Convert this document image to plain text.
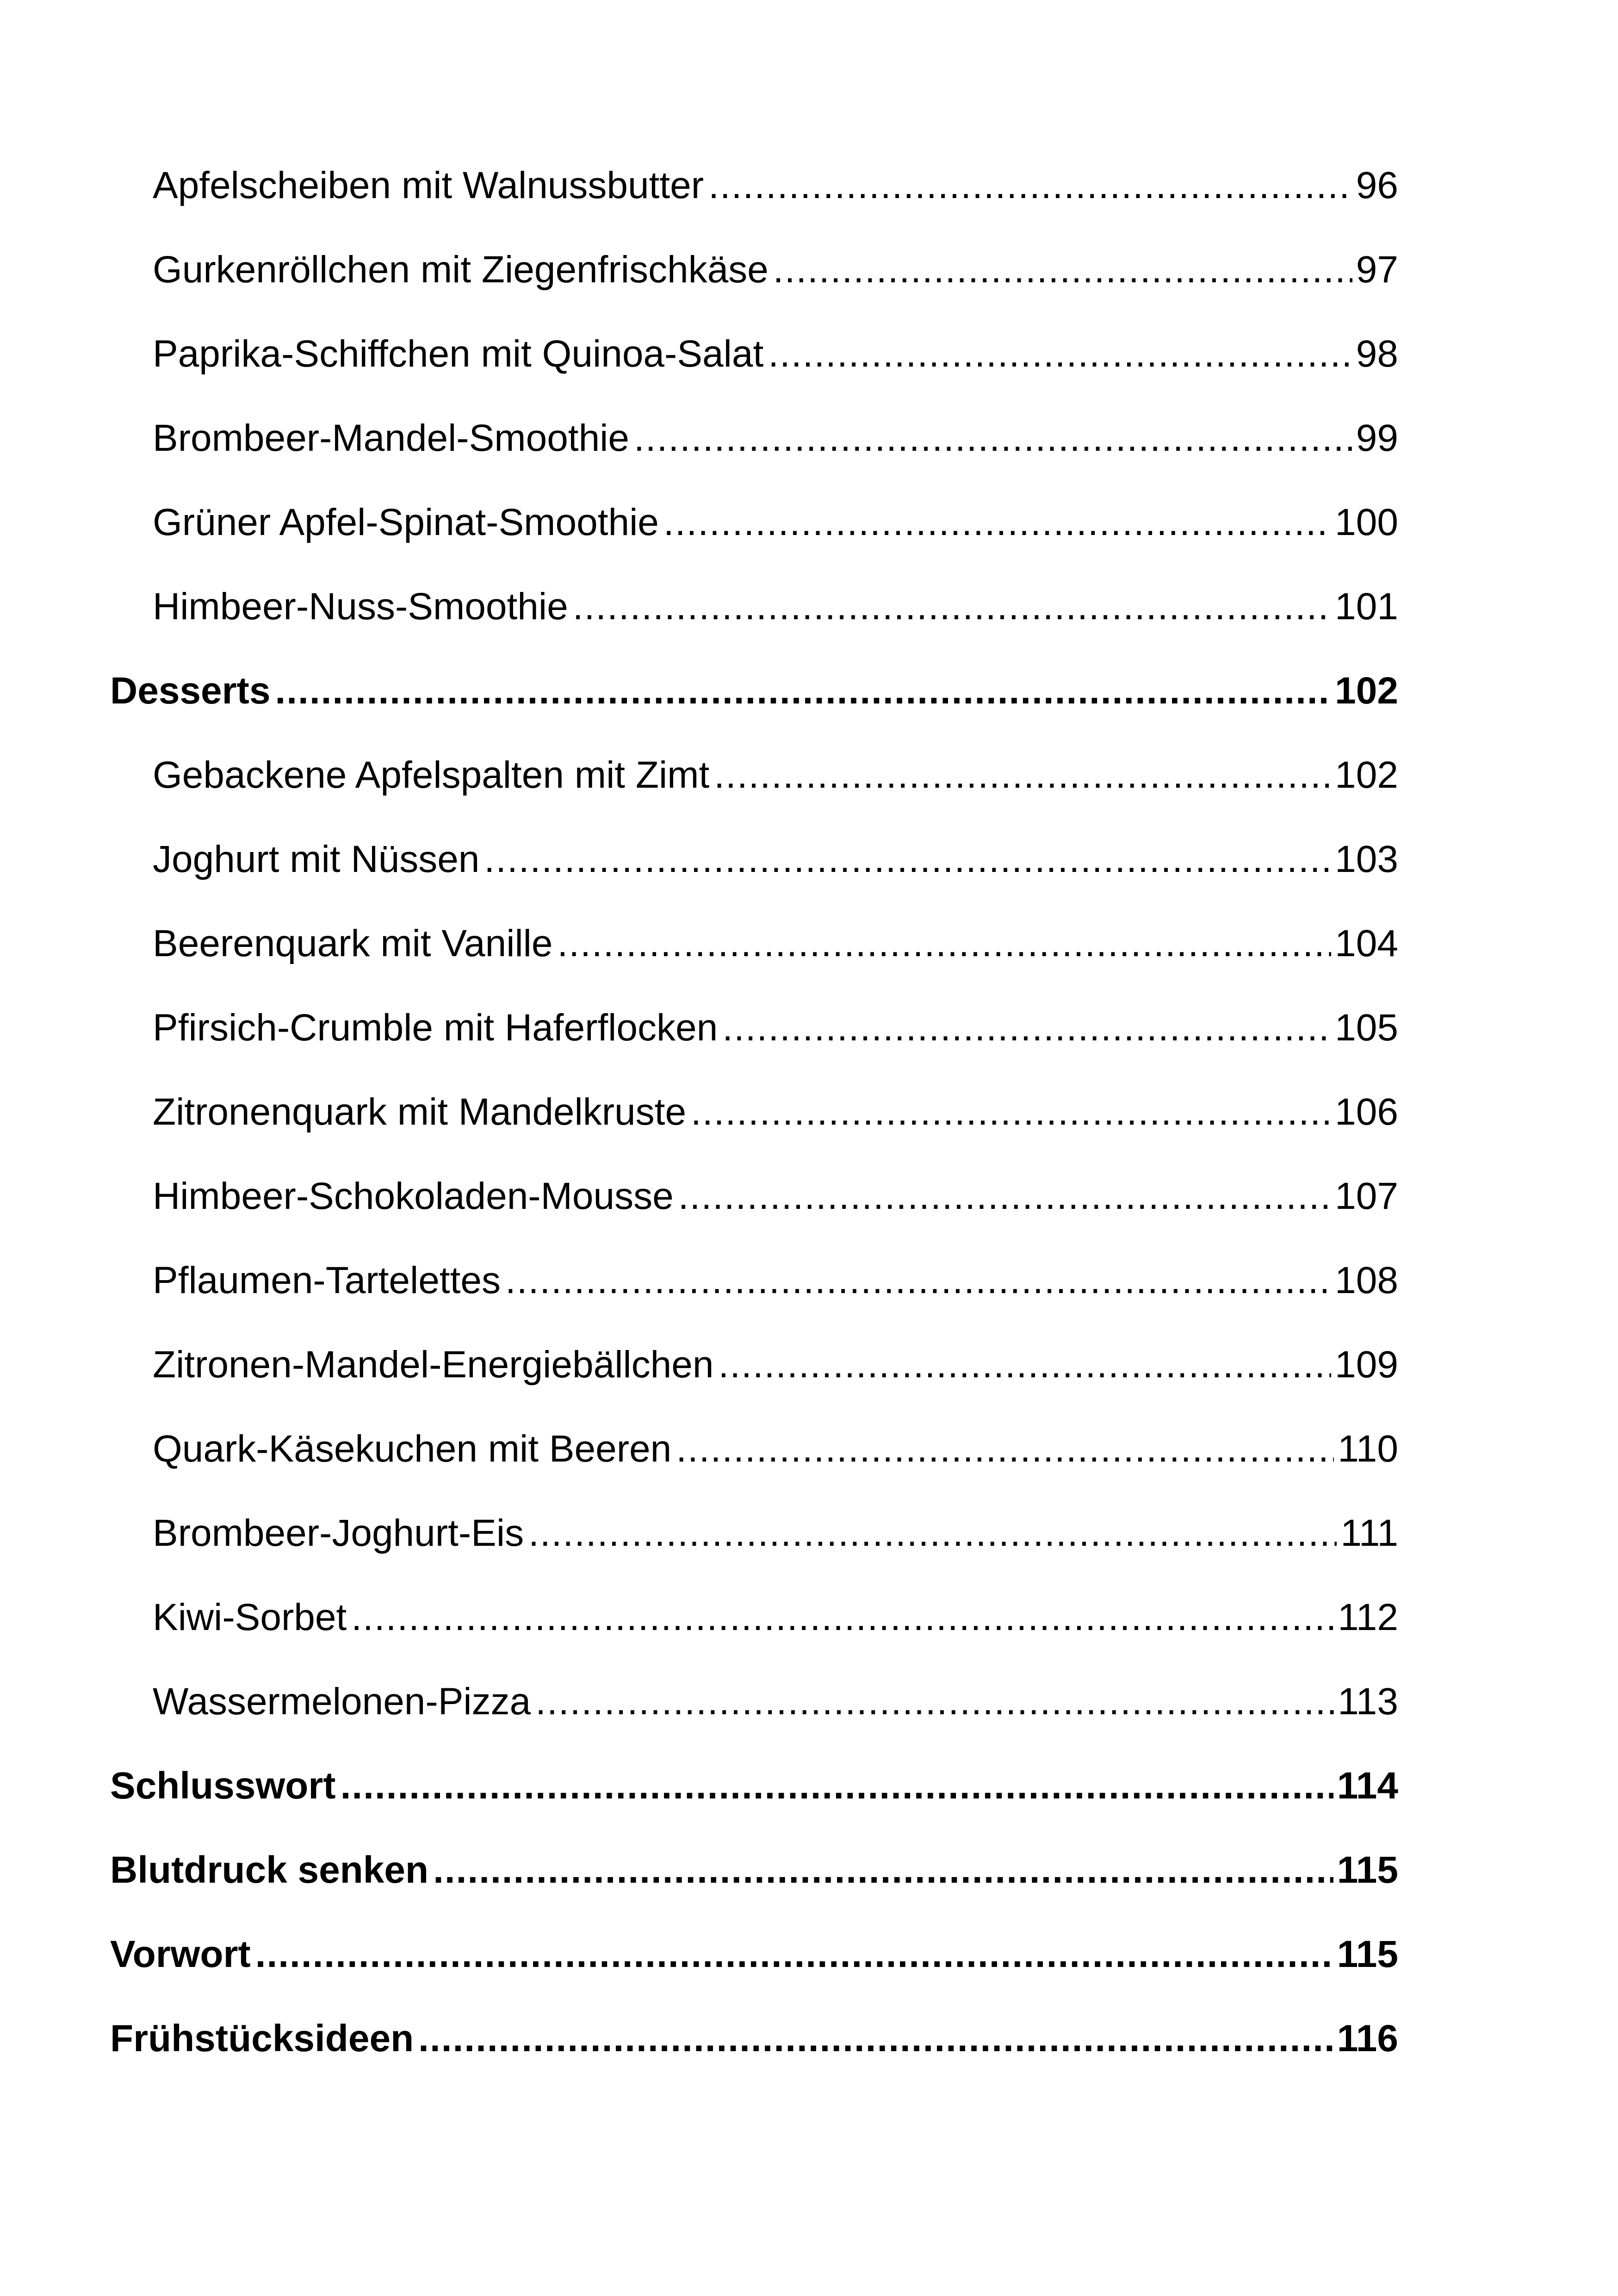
Apfelscheiben mit Walnussbutter .....	96
Gurkenröllchen mit Ziegenfrischkäse .....	97
Paprika-Schiffchen mit Quinoa-Salat .....	98
Brombeer-Mandel-Smoothie .....	99
Grüner Apfel-Spinat-Smoothie .....	100
Himbeer-Nuss-Smoothie .....	101
Desserts .....	102
Gebackene Apfelspalten mit Zimt .....	102
Joghurt mit Nüssen .....	103
Beerenquark mit Vanille .....	104
Pfirsich-Crumble mit Haferflocken .....	105
Zitronenquark mit Mandelkruste .....	106
Himbeer-Schokoladen-Mousse .....	107
Pflaumen-Tartelettes .....	108
Zitronen-Mandel-Energiebällchen .....	109
Quark-Käsekuchen mit Beeren .....	110
Brombeer-Joghurt-Eis .....	111
Kiwi-Sorbet .....	112
Wassermelonen-Pizza .....	113
Schlusswort .....	114
Blutdruck senken .....	115
Vorwort .....	115
Frühstücksideen .....	116
